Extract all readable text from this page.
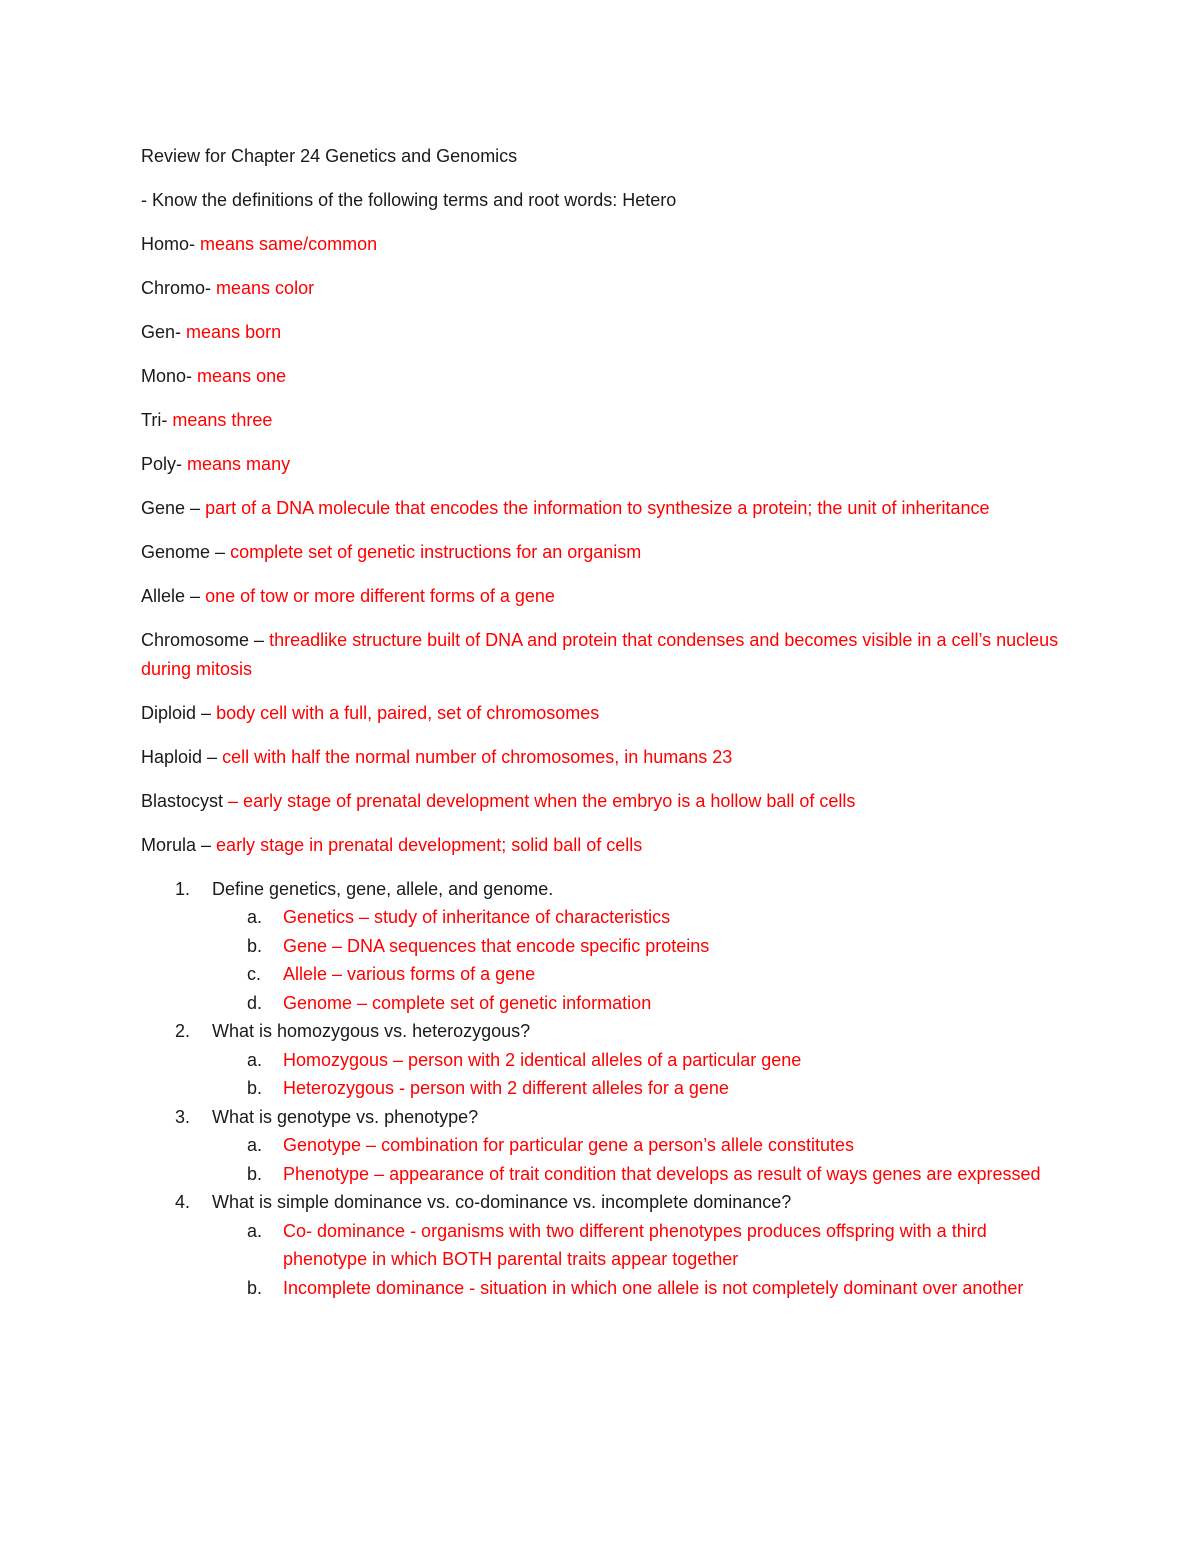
Review for Chapter 24 Genetics and Genomics

- Know the definitions of the following terms and root words: Hetero

Homo- means same/common

Chromo- means color

Gen- means born

Mono- means one

Tri- means three

Poly- means many

Gene – part of a DNA molecule that encodes the information to synthesize a protein; the unit of inheritance

Genome – complete set of genetic instructions for an organism

Allele – one of tow or more different forms of a gene

Chromosome – threadlike structure built of DNA and protein that condenses and becomes visible in a cell’s nucleus during mitosis

Diploid – body cell with a full, paired, set of chromosomes

Haploid – cell with half the normal number of chromosomes, in humans 23

Blastocyst – early stage of prenatal development when the embryo is a hollow ball of cells

Morula – early stage in prenatal development; solid ball of cells

1. Define genetics, gene, allele, and genome.
a. Genetics – study of inheritance of characteristics
b. Gene – DNA sequences that encode specific proteins
c. Allele – various forms of a gene
d. Genome – complete set of genetic information
2. What is homozygous vs. heterozygous?
a. Homozygous – person with 2 identical alleles of a particular gene
b. Heterozygous - person with 2 different alleles for a gene
3. What is genotype vs. phenotype?
a. Genotype – combination for particular gene a person’s allele constitutes
b. Phenotype – appearance of trait condition that develops as result of ways genes are expressed
4. What is simple dominance vs. co-dominance vs. incomplete dominance?
a. Co- dominance - organisms with two different phenotypes produces offspring with a third phenotype in which BOTH parental traits appear together
b. Incomplete dominance - situation in which one allele is not completely dominant over another
